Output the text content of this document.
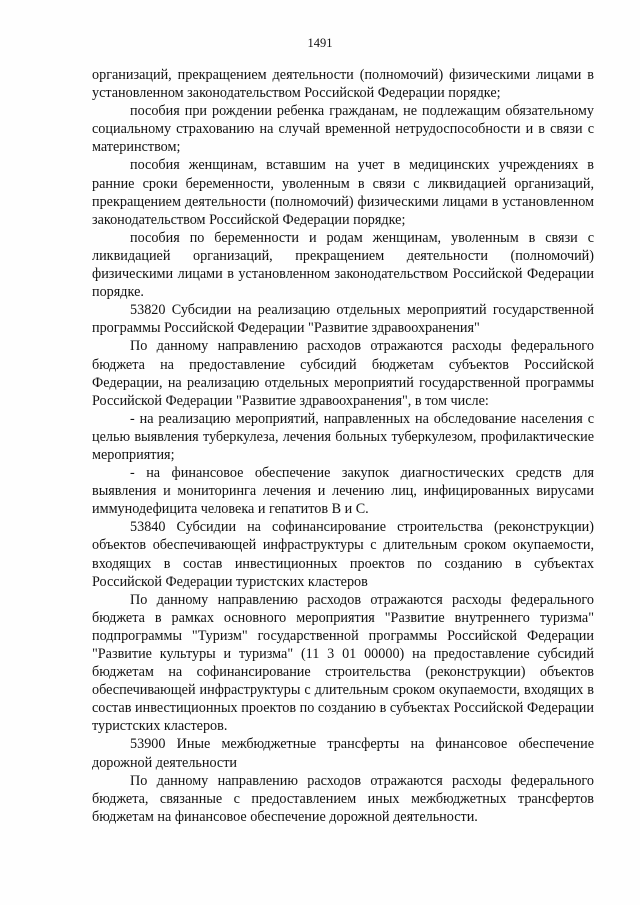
1491

организаций, прекращением деятельности (полномочий) физическими лицами в установленном законодательством Российской Федерации порядке;

пособия при рождении ребенка гражданам, не подлежащим обязательному социальному страхованию на случай временной нетрудоспособности и в связи с материнством;

пособия женщинам, вставшим на учет в медицинских учреждениях в ранние сроки беременности, уволенным в связи с ликвидацией организаций, прекращением деятельности (полномочий) физическими лицами в установленном законодательством Российской Федерации порядке;

пособия по беременности и родам женщинам, уволенным в связи с ликвидацией организаций, прекращением деятельности (полномочий) физическими лицами в установленном законодательством Российской Федерации порядке.

53820 Субсидии на реализацию отдельных мероприятий государственной программы Российской Федерации "Развитие здравоохранения"

По данному направлению расходов отражаются расходы федерального бюджета на предоставление субсидий бюджетам субъектов Российской Федерации, на реализацию отдельных мероприятий государственной программы Российской Федерации "Развитие здравоохранения", в том числе:

- на реализацию мероприятий, направленных на обследование населения с целью выявления туберкулеза, лечения больных туберкулезом, профилактические мероприятия;

- на финансовое обеспечение закупок диагностических средств для выявления и мониторинга лечения и лечению лиц, инфицированных вирусами иммунодефицита человека и гепатитов В и С.

53840 Субсидии на софинансирование строительства (реконструкции) объектов обеспечивающей инфраструктуры с длительным сроком окупаемости, входящих в состав инвестиционных проектов по созданию в субъектах Российской Федерации туристских кластеров

По данному направлению расходов отражаются расходы федерального бюджета в рамках основного мероприятия "Развитие внутреннего туризма" подпрограммы "Туризм" государственной программы Российской Федерации "Развитие культуры и туризма" (11 3 01 00000) на предоставление субсидий бюджетам на софинансирование строительства (реконструкции) объектов обеспечивающей инфраструктуры с длительным сроком окупаемости, входящих в состав инвестиционных проектов по созданию в субъектах Российской Федерации туристских кластеров.

53900 Иные межбюджетные трансферты на финансовое обеспечение дорожной деятельности

По данному направлению расходов отражаются расходы федерального бюджета, связанные с предоставлением иных межбюджетных трансфертов бюджетам на финансовое обеспечение дорожной деятельности.
